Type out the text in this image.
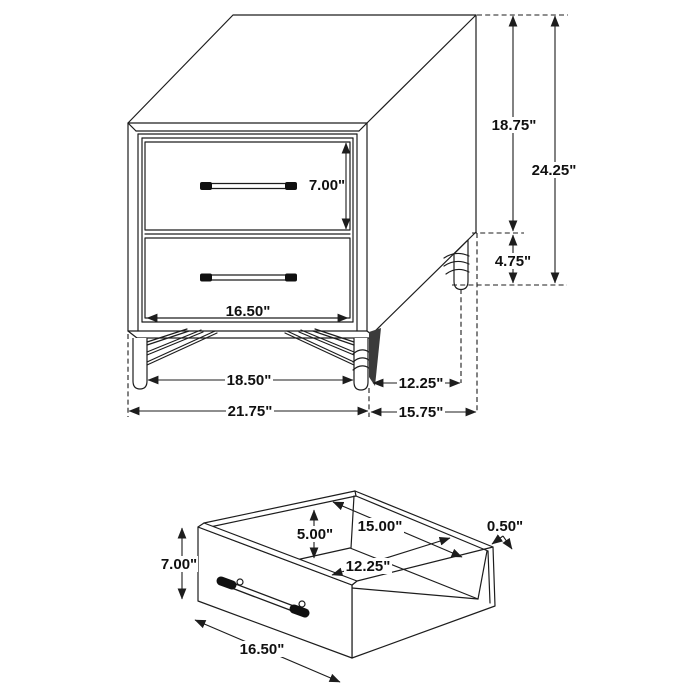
7.00"
16.50"
18.50"
21.75"
12.25"
15.75"
18.75"
24.25"
4.75"
7.00"
5.00" 15.00"
12.25"
0.50"
16.50"
